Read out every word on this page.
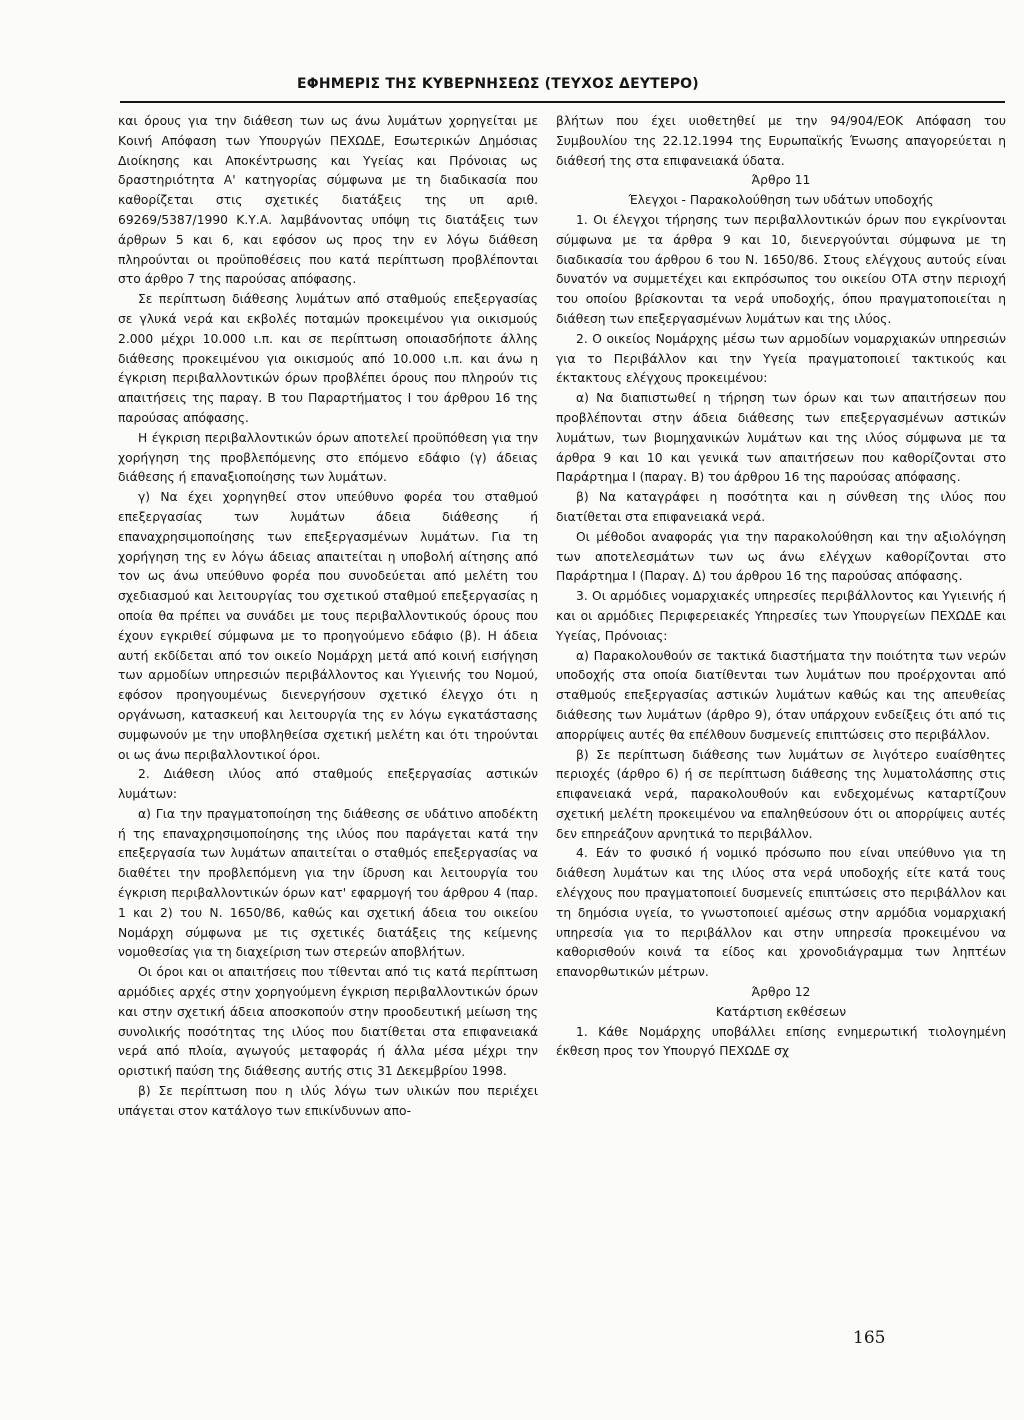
ΕΦΗΜΕΡΙΣ ΤΗΣ ΚΥΒΕΡΝΗΣΕΩΣ (ΤΕΥΧΟΣ ΔΕΥΤΕΡΟ)

και όρους για την διάθεση των ως άνω λυμάτων χορηγείται με Κοινή Απόφαση των Υπουργών ΠΕΧΩΔΕ, Εσωτερικών Δημόσιας Διοίκησης και Αποκέντρωσης και Υγείας και Πρόνοιας ως δραστηριότητα Α' κατηγορίας σύμφωνα με τη διαδικασία που καθορίζεται στις σχετικές διατάξεις της υπ αριθ. 69269/5387/1990 Κ.Υ.Α. λαμβάνοντας υπόψη τις διατάξεις των άρθρων 5 και 6, και εφόσον ως προς την εν λόγω διάθεση πληρούνται οι προϋποθέσεις που κατά περίπτωση προβλέπονται στο άρθρο 7 της παρούσας απόφασης.

Σε περίπτωση διάθεσης λυμάτων από σταθμούς επεξεργασίας σε γλυκά νερά και εκβολές ποταμών προκειμένου για οικισμούς 2.000 μέχρι 10.000 ι.π. και σε περίπτωση οποιασδήποτε άλλης διάθεσης προκειμένου για οικισμούς από 10.000 ι.π. και άνω η έγκριση περιβαλλοντικών όρων προβλέπει όρους που πληρούν τις απαιτήσεις της παραγ. Β του Παραρτήματος Ι του άρθρου 16 της παρούσας απόφασης.

Η έγκριση περιβαλλοντικών όρων αποτελεί προϋπόθεση για την χορήγηση της προβλεπόμενης στο επόμενο εδάφιο (γ) άδειας διάθεσης ή επαναξιοποίησης των λυμάτων.

γ) Να έχει χορηγηθεί στον υπεύθυνο φορέα του σταθμού επεξεργασίας των λυμάτων άδεια διάθεσης ή επαναχρησιμοποίησης των επεξεργασμένων λυμάτων. Για τη χορήγηση της εν λόγω άδειας απαιτείται η υποβολή αίτησης από τον ως άνω υπεύθυνο φορέα που συνοδεύεται από μελέτη του σχεδιασμού και λειτουργίας του σχετικού σταθμού επεξεργασίας η οποία θα πρέπει να συνάδει με τους περιβαλλοντικούς όρους που έχουν εγκριθεί σύμφωνα με το προηγούμενο εδάφιο (β). Η άδεια αυτή εκδίδεται από τον οικείο Νομάρχη μετά από κοινή εισήγηση των αρμοδίων υπηρεσιών περιβάλλοντος και Υγιεινής του Νομού, εφόσον προηγουμένως διενεργήσουν σχετικό έλεγχο ότι η οργάνωση, κατασκευή και λειτουργία της εν λόγω εγκατάστασης συμφωνούν με την υποβληθείσα σχετική μελέτη και ότι τηρούνται οι ως άνω περιβαλλοντικοί όροι.

2. Διάθεση ιλύος από σταθμούς επεξεργασίας αστικών λυμάτων:

α) Για την πραγματοποίηση της διάθεσης σε υδάτινο αποδέκτη ή της επαναχρησιμοποίησης της ιλύος που παράγεται κατά την επεξεργασία των λυμάτων απαιτείται ο σταθμός επεξεργασίας να διαθέτει την προβλεπόμενη για την ίδρυση και λειτουργία του έγκριση περιβαλλοντικών όρων κατ' εφαρμογή του άρθρου 4 (παρ. 1 και 2) του Ν. 1650/86, καθώς και σχετική άδεια του οικείου Νομάρχη σύμφωνα με τις σχετικές διατάξεις της κείμενης νομοθεσίας για τη διαχείριση των στερεών αποβλήτων.

Οι όροι και οι απαιτήσεις που τίθενται από τις κατά περίπτωση αρμόδιες αρχές στην χορηγούμενη έγκριση περιβαλλοντικών όρων και στην σχετική άδεια αποσκοπούν στην προοδευτική μείωση της συνολικής ποσότητας της ιλύος που διατίθεται στα επιφανειακά νερά από πλοία, αγωγούς μεταφοράς ή άλλα μέσα μέχρι την οριστική παύση της διάθεσης αυτής στις 31 Δεκεμβρίου 1998.

β) Σε περίπτωση που η ιλύς λόγω των υλικών που περιέχει υπάγεται στον κατάλογο των επικίνδυνων απο-

βλήτων που έχει υιοθετηθεί με την 94/904/ΕΟΚ Απόφαση του Συμβουλίου της 22.12.1994 της Ευρωπαϊκής Ένωσης απαγορεύεται η διάθεσή της στα επιφανειακά ύδατα.

Άρθρο 11

Έλεγχοι - Παρακολούθηση των υδάτων υποδοχής

1. Οι έλεγχοι τήρησης των περιβαλλοντικών όρων που εγκρίνονται σύμφωνα με τα άρθρα 9 και 10, διενεργούνται σύμφωνα με τη διαδικασία του άρθρου 6 του Ν. 1650/86. Στους ελέγχους αυτούς είναι δυνατόν να συμμετέχει και εκπρόσωπος του οικείου ΟΤΑ στην περιοχή του οποίου βρίσκονται τα νερά υποδοχής, όπου πραγματοποιείται η διάθεση των επεξεργασμένων λυμάτων και της ιλύος.

2. Ο οικείος Νομάρχης μέσω των αρμοδίων νομαρχιακών υπηρεσιών για το Περιβάλλον και την Υγεία πραγματοποιεί τακτικούς και έκτακτους ελέγχους προκειμένου:

α) Να διαπιστωθεί η τήρηση των όρων και των απαιτήσεων που προβλέπονται στην άδεια διάθεσης των επεξεργασμένων αστικών λυμάτων, των βιομηχανικών λυμάτων και της ιλύος σύμφωνα με τα άρθρα 9 και 10 και γενικά των απαιτήσεων που καθορίζονται στο Παράρτημα Ι (παραγ. Β) του άρθρου 16 της παρούσας απόφασης.

β) Να καταγράφει η ποσότητα και η σύνθεση της ιλύος που διατίθεται στα επιφανειακά νερά.

Οι μέθοδοι αναφοράς για την παρακολούθηση και την αξιολόγηση των αποτελεσμάτων των ως άνω ελέγχων καθορίζονται στο Παράρτημα Ι (Παραγ. Δ) του άρθρου 16 της παρούσας απόφασης.

3. Οι αρμόδιες νομαρχιακές υπηρεσίες περιβάλλοντος και Υγιεινής ή και οι αρμόδιες Περιφερειακές Υπηρεσίες των Υπουργείων ΠΕΧΩΔΕ και Υγείας, Πρόνοιας:

α) Παρακολουθούν σε τακτικά διαστήματα την ποιότητα των νερών υποδοχής στα οποία διατίθενται των λυμάτων που προέρχονται από σταθμούς επεξεργασίας αστικών λυμάτων καθώς και της απευθείας διάθεσης των λυμάτων (άρθρο 9), όταν υπάρχουν ενδείξεις ότι από τις απορρίψεις αυτές θα επέλθουν δυσμενείς επιπτώσεις στο περιβάλλον.

β) Σε περίπτωση διάθεσης των λυμάτων σε λιγότερο ευαίσθητες περιοχές (άρθρο 6) ή σε περίπτωση διάθεσης της λυματολάσπης στις επιφανειακά νερά, παρακολουθούν και ενδεχομένως καταρτίζουν σχετική μελέτη προκειμένου να επαληθεύσουν ότι οι απορρίψεις αυτές δεν επηρεάζουν αρνητικά το περιβάλλον.

4. Εάν το φυσικό ή νομικό πρόσωπο που είναι υπεύθυνο για τη διάθεση λυμάτων και της ιλύος στα νερά υποδοχής είτε κατά τους ελέγχους που πραγματοποιεί δυσμενείς επιπτώσεις στο περιβάλλον και τη δημόσια υγεία, το γνωστοποιεί αμέσως στην αρμόδια νομαρχιακή υπηρεσία για το περιβάλλον και στην υπηρεσία προκειμένου να καθορισθούν κοινά τα είδος και χρονοδιάγραμμα των ληπτέων επανορθωτικών μέτρων.

Άρθρο 12

Κατάρτιση εκθέσεων

1. Κάθε Νομάρχης υποβάλλει επίσης ενημερωτική τιολογημένη έκθεση προς τον Υπουργό ΠΕΧΩΔΕ σχ

165
